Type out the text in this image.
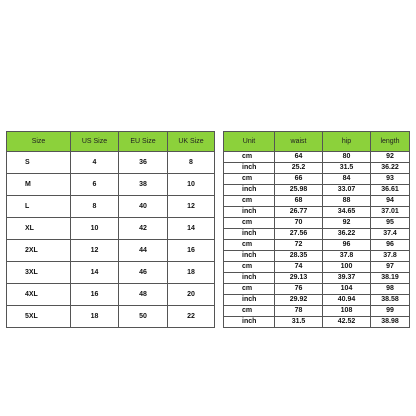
Size	US Size	EU Size	UK Size		Unit	waist	hip	length
S	4	36	8		cm	64	80	92
					inch	25.2	31.5	36.22
M	6	38	10		cm	66	84	93
					inch	25.98	33.07	36.61
L	8	40	12		cm	68	88	94
					inch	26.77	34.65	37.01
XL	10	42	14		cm	70	92	95
					inch	27.56	36.22	37.4
2XL	12	44	16		cm	72	96	96
					inch	28.35	37.8	37.8
3XL	14	46	18		cm	74	100	97
					inch	29.13	39.37	38.19
4XL	16	48	20		cm	76	104	98
					inch	29.92	40.94	38.58
5XL	18	50	22		cm	78	108	99
					inch	31.5	42.52	38.98
